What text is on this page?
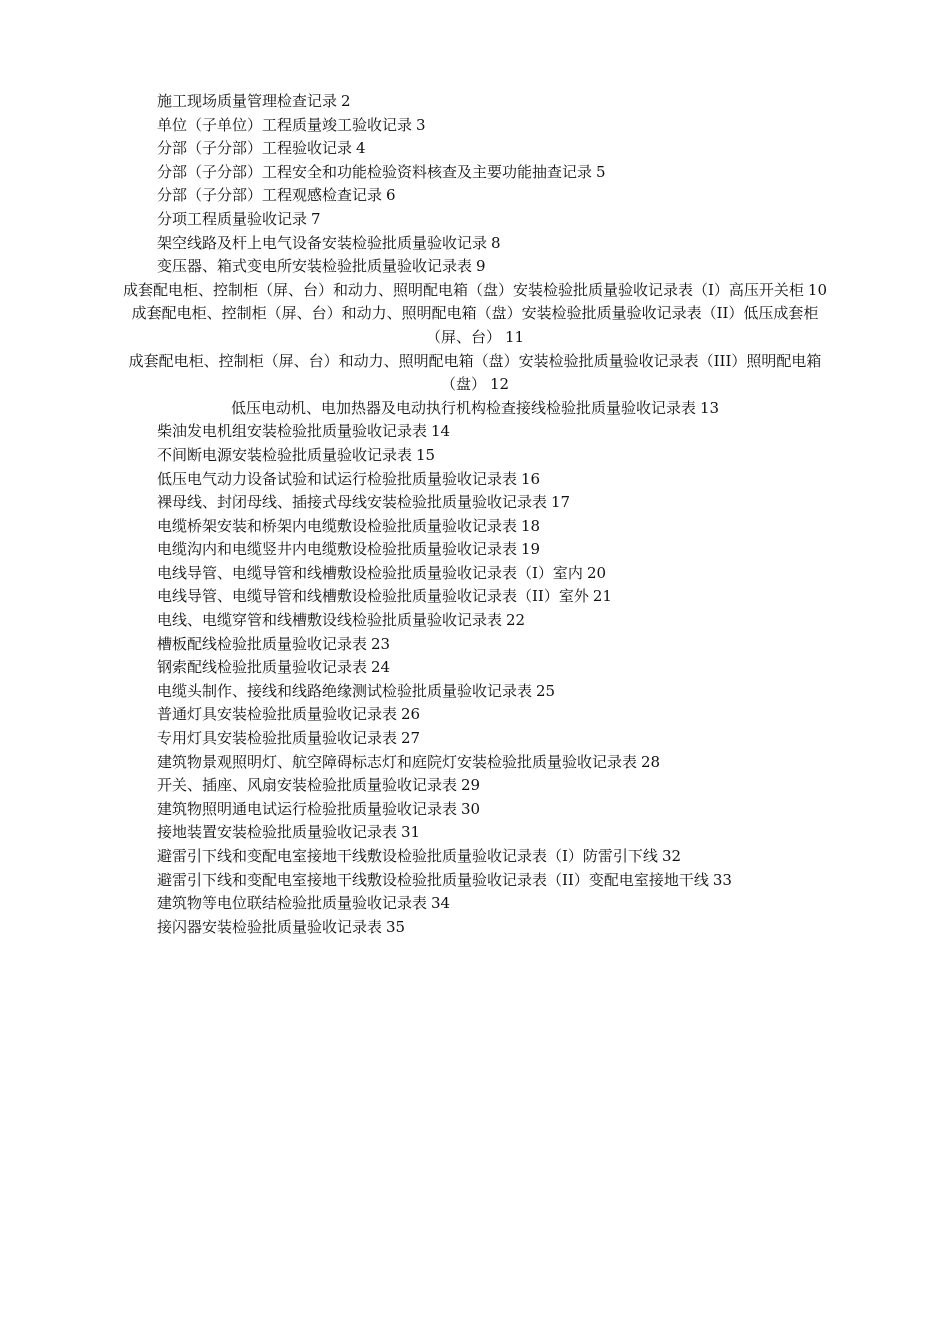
施工现场质量管理检查记录 2
单位（子单位）工程质量竣工验收记录 3
分部（子分部）工程验收记录 4
分部（子分部）工程安全和功能检验资料核查及主要功能抽查记录 5
分部（子分部）工程观感检查记录 6
分项工程质量验收记录 7
架空线路及杆上电气设备安装检验批质量验收记录 8
变压器、箱式变电所安装检验批质量验收记录表 9
成套配电柜、控制柜（屏、台）和动力、照明配电箱（盘）安装检验批质量验收记录表（I）高压开关柜 10
成套配电柜、控制柜（屏、台）和动力、照明配电箱（盘）安装检验批质量验收记录表（II）低压成套柜（屏、台） 11
成套配电柜、控制柜（屏、台）和动力、照明配电箱（盘）安装检验批质量验收记录表（III）照明配电箱（盘） 12
低压电动机、电加热器及电动执行机构检查接线检验批质量验收记录表 13
柴油发电机组安装检验批质量验收记录表 14
不间断电源安装检验批质量验收记录表 15
低压电气动力设备试验和试运行检验批质量验收记录表 16
裸母线、封闭母线、插接式母线安装检验批质量验收记录表 17
电缆桥架安装和桥架内电缆敷设检验批质量验收记录表 18
电缆沟内和电缆竖井内电缆敷设检验批质量验收记录表 19
电线导管、电缆导管和线槽敷设检验批质量验收记录表（I）室内 20
电线导管、电缆导管和线槽敷设检验批质量验收记录表（II）室外 21
电线、电缆穿管和线槽敷设线检验批质量验收记录表 22
槽板配线检验批质量验收记录表 23
钢索配线检验批质量验收记录表 24
电缆头制作、接线和线路绝缘测试检验批质量验收记录表 25
普通灯具安装检验批质量验收记录表 26
专用灯具安装检验批质量验收记录表 27
建筑物景观照明灯、航空障碍标志灯和庭院灯安装检验批质量验收记录表 28
开关、插座、风扇安装检验批质量验收记录表 29
建筑物照明通电试运行检验批质量验收记录表 30
接地装置安装检验批质量验收记录表 31
避雷引下线和变配电室接地干线敷设检验批质量验收记录表（I）防雷引下线 32
避雷引下线和变配电室接地干线敷设检验批质量验收记录表（II）变配电室接地干线 33
建筑物等电位联结检验批质量验收记录表 34
接闪器安装检验批质量验收记录表 35
